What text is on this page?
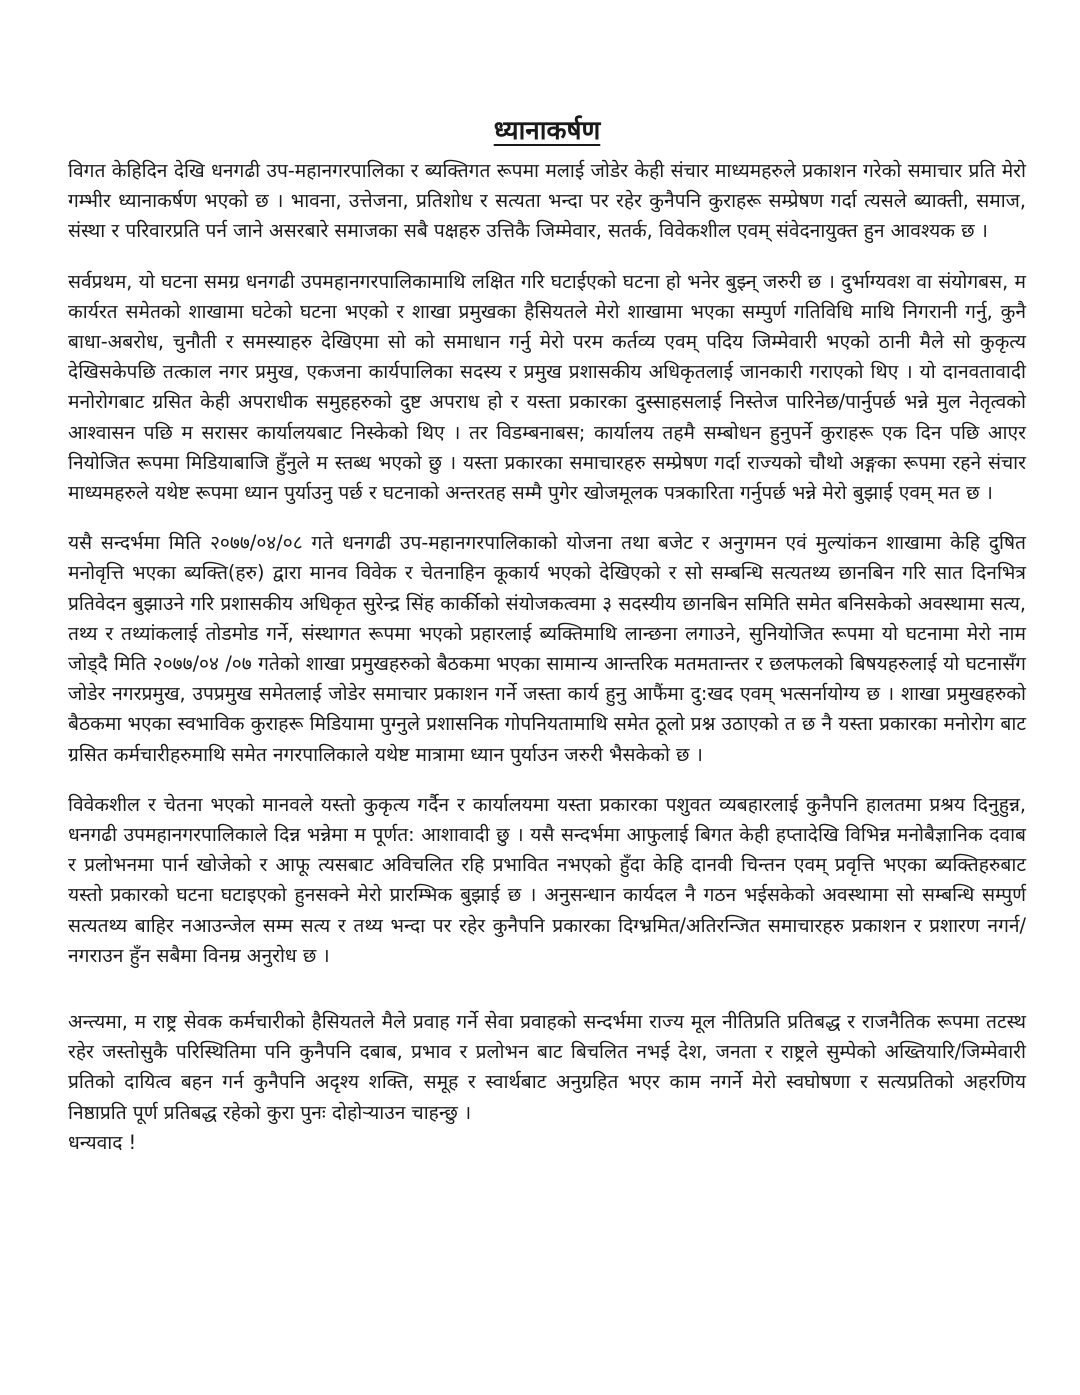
ध्यानाकर्षण

विगत केहिदिन देखि धनगढी उप-महानगरपालिका र ब्यक्तिगत रूपमा मलाई जोडेर केही संचार माध्यमहरुले प्रकाशन गरेको समाचार प्रति मेरो गम्भीर ध्यानाकर्षण भएको छ । भावना, उत्तेजना, प्रतिशोध र सत्यता भन्दा पर रहेर कुनैपनि कुराहरू सम्प्रेषण गर्दा त्यसले ब्याक्ती, समाज, संस्था र परिवारप्रति पर्न जाने असरबारे समाजका सबै पक्षहरु उत्तिकै जिम्मेवार, सतर्क, विवेकशील एवम् संवेदनायुक्त हुन आवश्यक छ ।

सर्वप्रथम, यो घटना समग्र धनगढी उपमहानगरपालिकामाथि लक्षित गरि घटाईएको घटना हो भनेर बुझ्न् जरुरी छ । दुर्भाग्यवश वा संयोगबस, म कार्यरत समेतको शाखामा घटेको घटना भएको र शाखा प्रमुखका हैसियतले मेरो शाखामा भएका सम्पुर्ण गतिविधि माथि निगरानी गर्नु, कुनै बाधा-अबरोध, चुनौती र समस्याहरु देखिएमा सो को समाधान गर्नु मेरो परम कर्तव्य एवम् पदिय जिम्मेवारी भएको ठानी मैले सो कुकृत्य देखिसकेपछि तत्काल नगर प्रमुख, एकजना कार्यपालिका सदस्य र प्रमुख प्रशासकीय अधिकृतलाई जानकारी गराएको थिए । यो दानवतावादी मनोरोगबाट ग्रसित केही अपराधीक समुहहरुको दुष्ट अपराध हो र यस्ता प्रकारका दुस्साहसलाई निस्तेज पारिनेछ/पार्नुपर्छ भन्ने मुल नेतृत्वको आश्वासन पछि म सरासर कार्यालयबाट निस्केको थिए । तर विडम्बनाबस; कार्यालय तहमै सम्बोधन हुनुपर्ने कुराहरू एक दिन पछि आएर नियोजित रूपमा मिडियाबाजि हुँनुले म स्तब्ध भएको छु । यस्ता प्रकारका समाचारहरु सम्प्रेषण गर्दा राज्यको चौथो अङ्गका रूपमा रहने संचार माध्यमहरुले यथेष्ट रूपमा ध्यान पुर्याउनु पर्छ र घटनाको अन्तरतह सम्मै पुगेर खोजमूलक पत्रकारिता गर्नुपर्छ भन्ने मेरो बुझाई एवम् मत छ ।

यसै सन्दर्भमा मिति २०७७/०४/०८ गते धनगढी उप-महानगरपालिकाको योजना तथा बजेट र अनुगमन एवं मुल्यांकन शाखामा केहि दुषित मनोवृत्ति भएका ब्यक्ति(हरु) द्वारा मानव विवेक र चेतनाहिन कूकार्य भएको देखिएको र सो सम्बन्धि सत्यतथ्य छानबिन गरि सात दिनभित्र प्रतिवेदन बुझाउने गरि प्रशासकीय अधिकृत सुरेन्द्र सिंह कार्कीको संयोजकत्वमा ३ सदस्यीय छानबिन समिति समेत बनिसकेको अवस्थामा सत्य, तथ्य र तथ्यांकलाई तोडमोड गर्ने, संस्थागत रूपमा भएको प्रहारलाई ब्यक्तिमाथि लान्छना लगाउने, सुनियोजित रूपमा यो घटनामा मेरो नाम जोड्दै मिति २०७७/०४ /०७ गतेको शाखा प्रमुखहरुको बैठकमा भएका सामान्य आन्तरिक मतमतान्तर र छलफलको बिषयहरुलाई यो घटनासँग जोडेर नगरप्रमुख, उपप्रमुख समेतलाई जोडेर समाचार प्रकाशन गर्ने जस्ता कार्य हुनु आफैंमा दु:खद एवम् भत्सर्नायोग्य छ । शाखा प्रमुखहरुको बैठकमा भएका स्वभाविक कुराहरू मिडियामा पुग्नुले प्रशासनिक गोपनियतामाथि समेत ठूलो प्रश्न उठाएको त छ नै यस्ता प्रकारका मनोरोग बाट ग्रसित कर्मचारीहरुमाथि समेत नगरपालिकाले यथेष्ट मात्रामा ध्यान पुर्याउन जरुरी भैसकेको छ ।

विवेकशील र चेतना भएको मानवले यस्तो कुकृत्य गर्दैन र कार्यालयमा यस्ता प्रकारका पशुवत व्यबहारलाई कुनैपनि हालतमा प्रश्रय दिनुहुन्न, धनगढी उपमहानगरपालिकाले दिन्न भन्नेमा म पूर्णत: आशावादी छु । यसै सन्दर्भमा आफुलाई बिगत केही हप्तादेखि विभिन्न मनोबैज्ञानिक दवाब र प्रलोभनमा पार्न खोजेको र आफू त्यसबाट अविचलित रहि प्रभावित नभएको हुँदा केहि दानवी चिन्तन एवम् प्रवृत्ति भएका ब्यक्तिहरुबाट यस्तो प्रकारको घटना घटाइएको हुनसक्ने मेरो प्रारम्भिक बुझाई छ । अनुसन्धान कार्यदल नै गठन भईसकेको अवस्थामा सो सम्बन्धि सम्पुर्ण सत्यतथ्य बाहिर नआउन्जेल सम्म सत्य र तथ्य भन्दा पर रहेर कुनैपनि प्रकारका दिग्भ्रमित/अतिरन्जित समाचारहरु प्रकाशन र प्रशारण नगर्न/नगराउन हुँन सबैमा विनम्र अनुरोध छ ।

अन्त्यमा, म राष्ट्र सेवक कर्मचारीको हैसियतले मैले प्रवाह गर्ने सेवा प्रवाहको सन्दर्भमा राज्य मूल नीतिप्रति प्रतिबद्ध र राजनैतिक रूपमा तटस्थ रहेर जस्तोसुकै परिस्थितिमा पनि कुनैपनि दबाब, प्रभाव र प्रलोभन बाट बिचलित नभई देश, जनता र राष्ट्रले सुम्पेको अख्तियारि/जिम्मेवारी प्रतिको दायित्व बहन गर्न कुनैपनि अदृश्य शक्ति, समूह र स्वार्थबाट अनुग्रहित भएर काम नगर्ने मेरो स्वघोषणा र सत्यप्रतिको अहरणिय निष्ठाप्रति पूर्ण प्रतिबद्ध रहेको कुरा पुनः दोहोऱ्याउन चाहन्छु ।

धन्यवाद !
